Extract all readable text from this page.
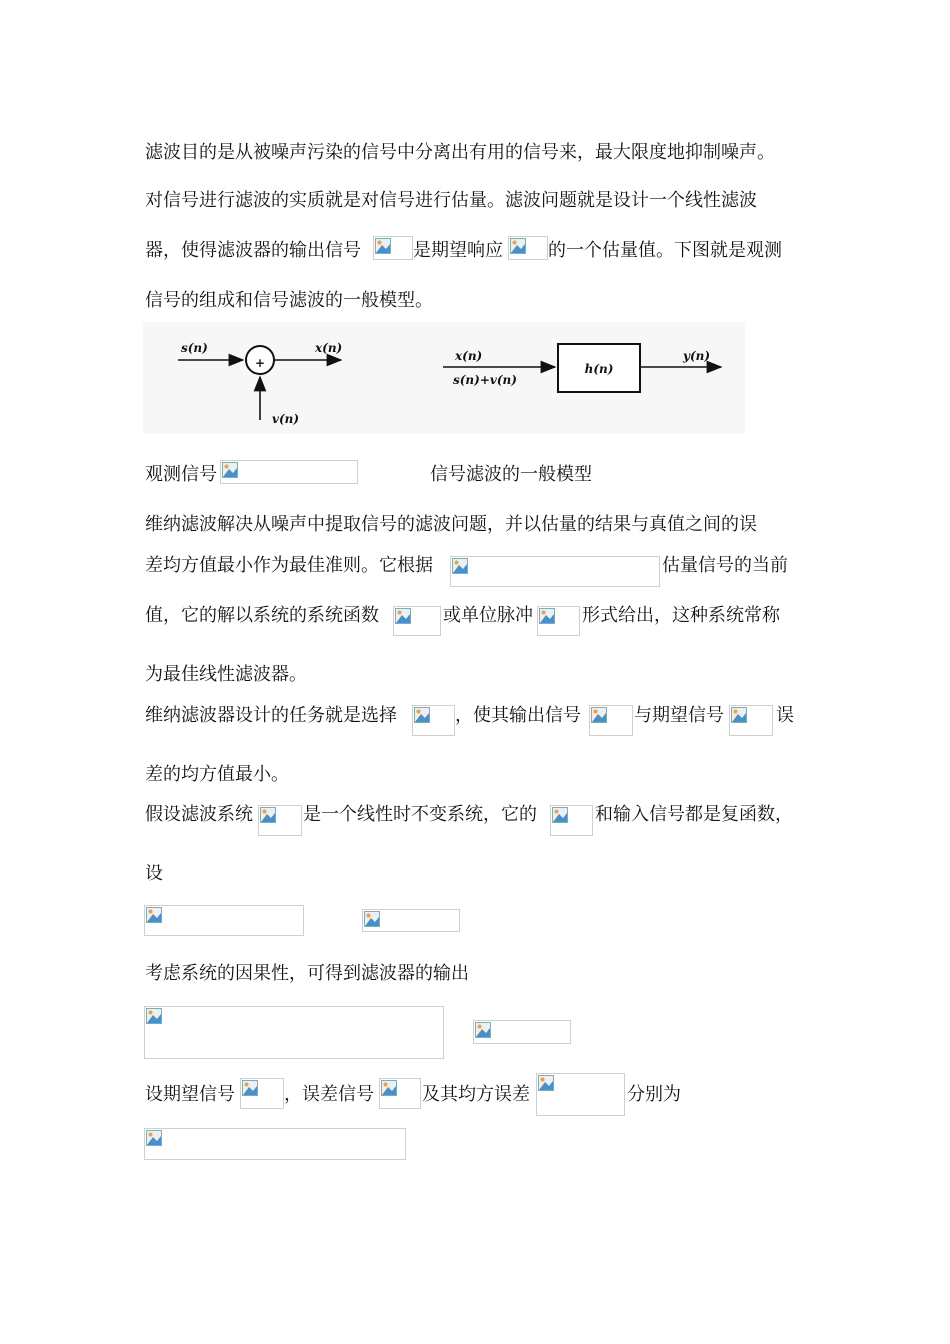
滤波目的是从被噪声污染的信号中分离出有用的信号来，最大限度地抑制噪声。
对信号进行滤波的实质就是对信号进行估量。滤波问题就是设计一个线性滤波
器，使得滤波器的输出信号	是期望响应	的一个估量值。下图就是观测
信号的组成和信号滤波的一般模型。
+
s(n)	x(n)
v(n)
h(n)
x(n)
s(n)+v(n)
y(n)
观测信号	信号滤波的一般模型
维纳滤波解决从噪声中提取信号的滤波问题，并以估量的结果与真值之间的误
差均方值最小作为最佳准则。它根据	估量信号的当前
值，它的解以系统的系统函数	或单位脉冲	形式给出，这种系统常称
为最佳线性滤波器。
维纳滤波器设计的任务就是选择	，使其输出信号	与期望信号	误
差的均方值最小。
假设滤波系统	是一个线性时不变系统，它的	和输入信号都是复函数，
设
考虑系统的因果性，可得到滤波器的输出
设期望信号	，误差信号	及其均方误差	分别为
